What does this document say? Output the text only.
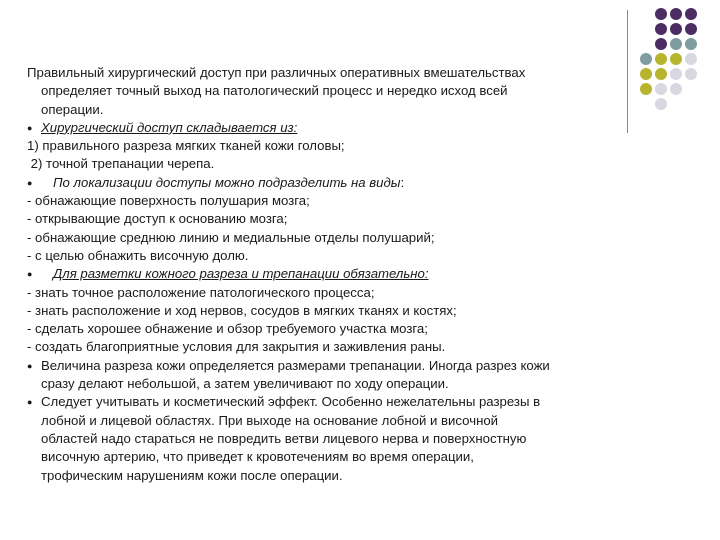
Правильный хирургический доступ при различных оперативных вмешательствах
определяет точный выход на патологический процесс и нередко исход всей
операции.
● Хирургический доступ складывается из:
1) правильного разреза мягких тканей кожи головы;
2) точной трепанации черепа.
● По локализации доступы можно подразделить на виды:
- обнажающие поверхность полушария мозга;
- открывающие доступ к основанию мозга;
- обнажающие среднюю линию и медиальные отделы полушарий;
- с целью обнажить височную долю.
● Для разметки кожного разреза и трепанации обязательно:
- знать точное расположение патологического процесса;
- знать расположение и ход нервов, сосудов в мягких тканях и костях;
- сделать хорошее обнажение и обзор требуемого участка мозга;
- создать благоприятные условия для закрытия и заживления раны.
● Величина разреза кожи определяется размерами трепанации. Иногда разрез кожи
сразу делают небольшой, а затем увеличивают по ходу операции.
● Следует учитывать и косметический эффект. Особенно нежелательны разрезы в
лобной и лицевой областях. При выходе на основание лобной и височной
областей надо стараться не повредить ветви лицевого нерва и поверхностную
височную артерию, что приведет к кровотечениям во время операции,
трофическим нарушениям кожи после операции.
